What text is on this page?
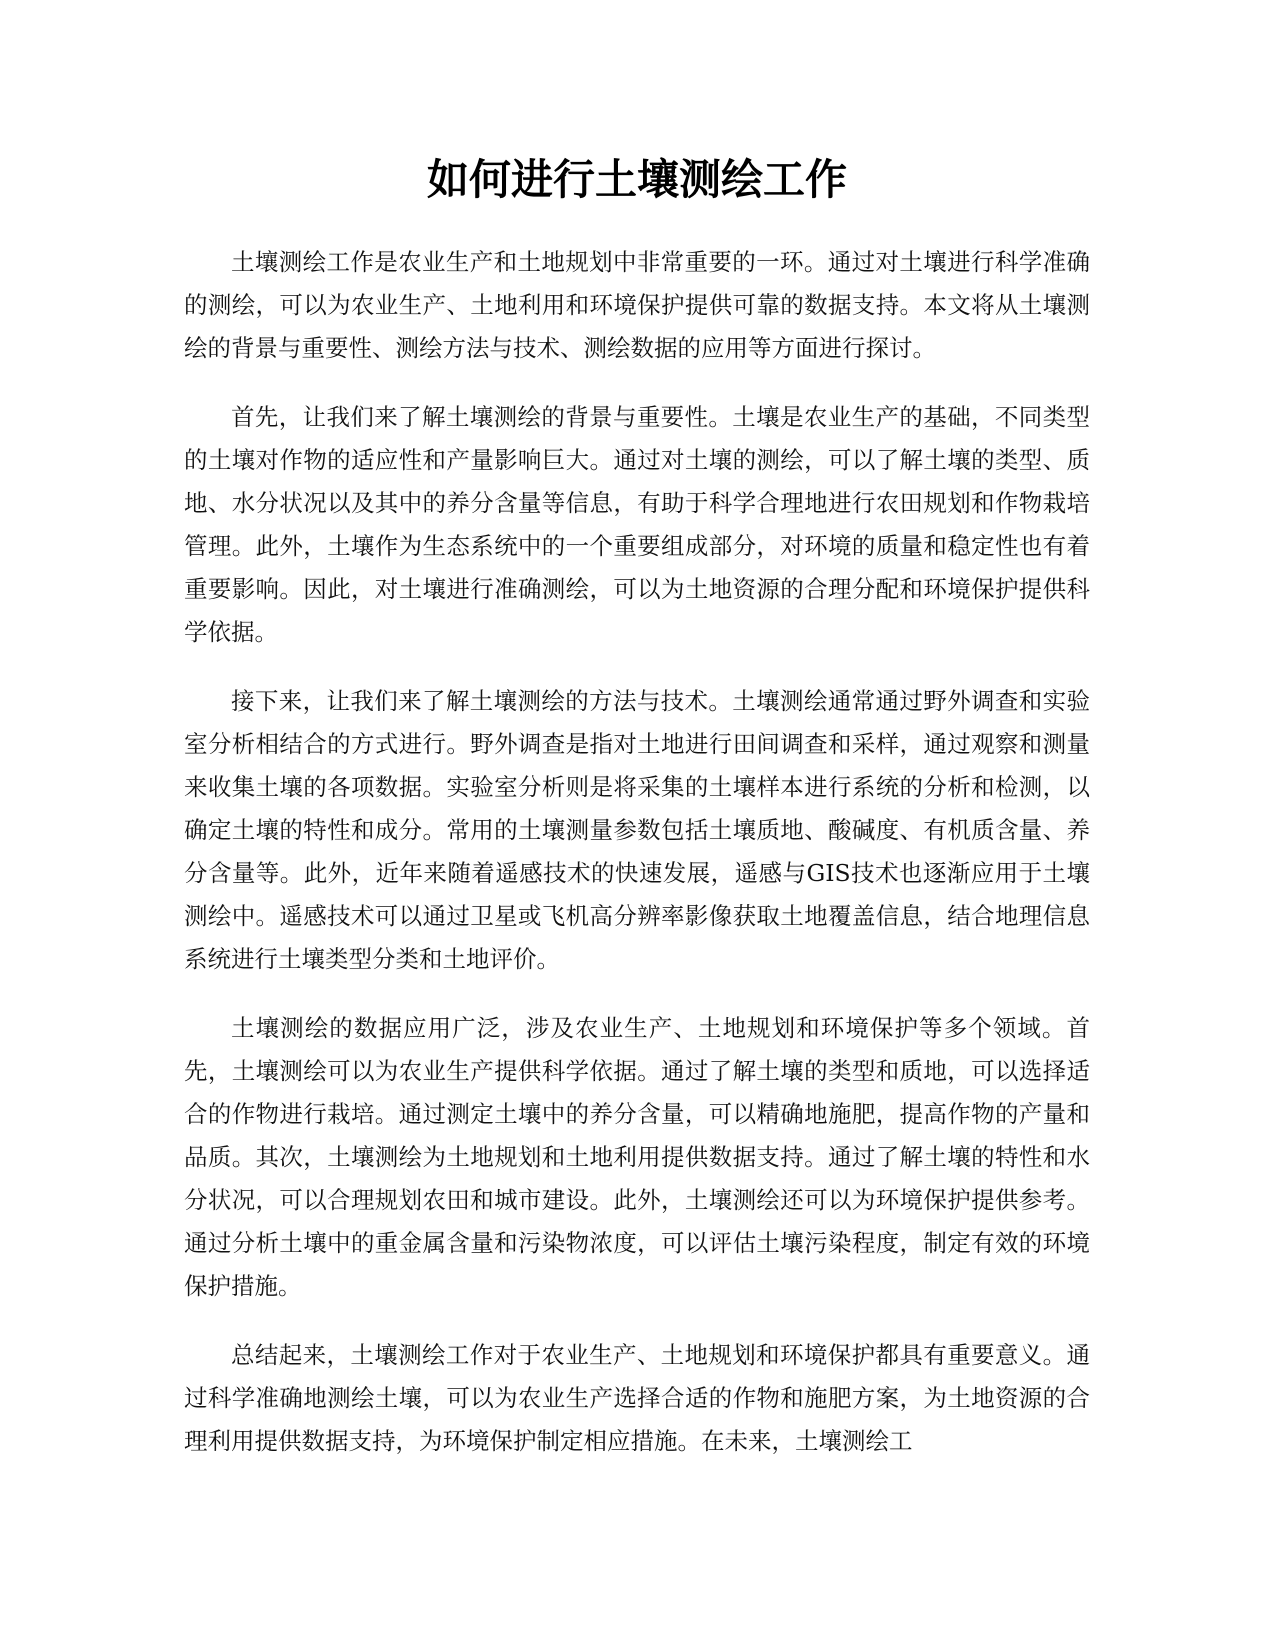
如何进行土壤测绘工作

土壤测绘工作是农业生产和土地规划中非常重要的一环。通过对土壤进行科学准确的测绘，可以为农业生产、土地利用和环境保护提供可靠的数据支持。本文将从土壤测绘的背景与重要性、测绘方法与技术、测绘数据的应用等方面进行探讨。

首先，让我们来了解土壤测绘的背景与重要性。土壤是农业生产的基础，不同类型的土壤对作物的适应性和产量影响巨大。通过对土壤的测绘，可以了解土壤的类型、质地、水分状况以及其中的养分含量等信息，有助于科学合理地进行农田规划和作物栽培管理。此外，土壤作为生态系统中的一个重要组成部分，对环境的质量和稳定性也有着重要影响。因此，对土壤进行准确测绘，可以为土地资源的合理分配和环境保护提供科学依据。

接下来，让我们来了解土壤测绘的方法与技术。土壤测绘通常通过野外调查和实验室分析相结合的方式进行。野外调查是指对土地进行田间调查和采样，通过观察和测量来收集土壤的各项数据。实验室分析则是将采集的土壤样本进行系统的分析和检测，以确定土壤的特性和成分。常用的土壤测量参数包括土壤质地、酸碱度、有机质含量、养分含量等。此外，近年来随着遥感技术的快速发展，遥感与GIS技术也逐渐应用于土壤测绘中。遥感技术可以通过卫星或飞机高分辨率影像获取土地覆盖信息，结合地理信息系统进行土壤类型分类和土地评价。

土壤测绘的数据应用广泛，涉及农业生产、土地规划和环境保护等多个领域。首先，土壤测绘可以为农业生产提供科学依据。通过了解土壤的类型和质地，可以选择适合的作物进行栽培。通过测定土壤中的养分含量，可以精确地施肥，提高作物的产量和品质。其次，土壤测绘为土地规划和土地利用提供数据支持。通过了解土壤的特性和水分状况，可以合理规划农田和城市建设。此外，土壤测绘还可以为环境保护提供参考。通过分析土壤中的重金属含量和污染物浓度，可以评估土壤污染程度，制定有效的环境保护措施。

总结起来，土壤测绘工作对于农业生产、土地规划和环境保护都具有重要意义。通过科学准确地测绘土壤，可以为农业生产选择合适的作物和施肥方案，为土地资源的合理利用提供数据支持，为环境保护制定相应措施。在未来，土壤测绘工
